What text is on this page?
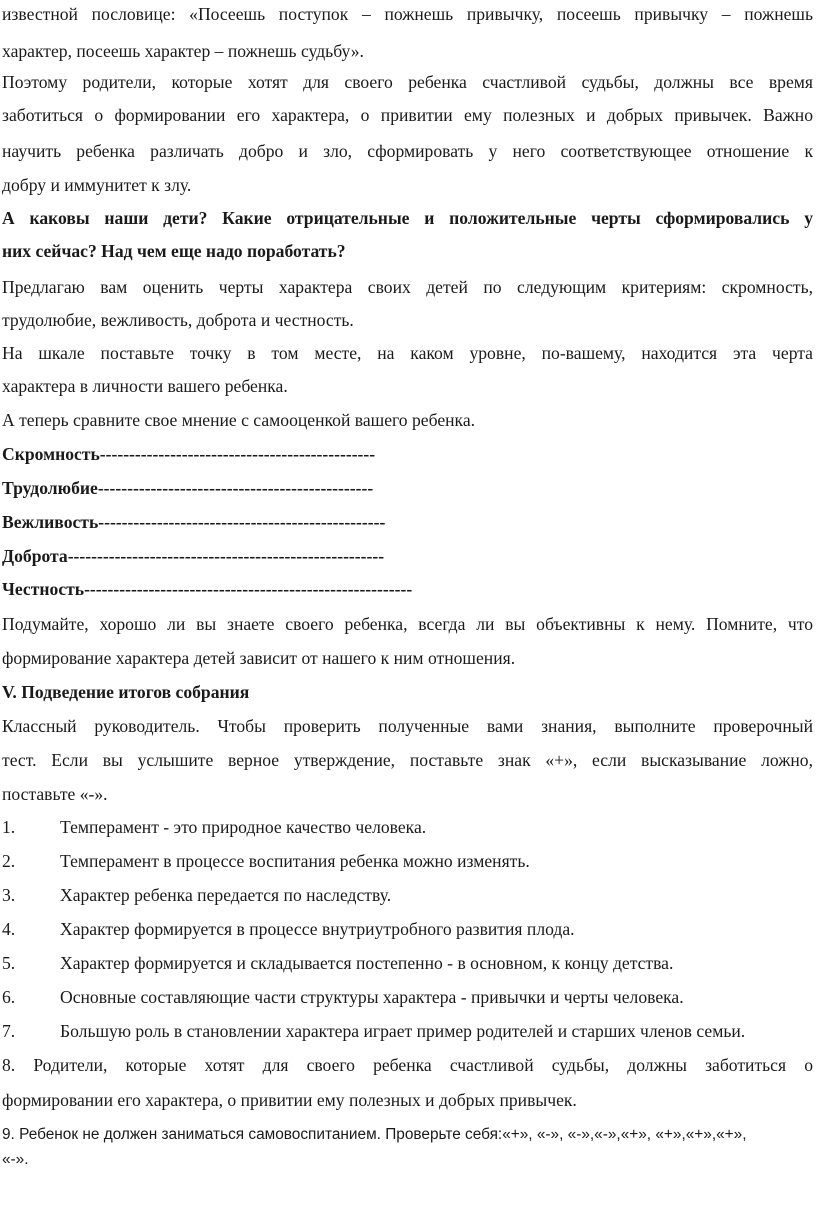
известной пословице: «Посеешь поступок – пожнешь привычку, посеешь привычку – пожнешь
характер, посеешь характер – пожнешь судьбу».
Поэтому родители, которые хотят для своего ребенка счастливой судьбы, должны все время
заботиться о формировании его характера, о привитии ему полезных и добрых привычек. Важно
научить ребенка различать добро и зло, сформировать у него соответствующее отношение к
добру и иммунитет к злу.
А каковы наши дети? Какие отрицательные и положительные черты сформировались у
них сейчас? Над чем еще надо поработать?
Предлагаю вам оценить черты характера своих детей по следующим критериям: скромность,
трудолюбие, вежливость, доброта и честность.
На шкале поставьте точку в том месте, на каком уровне, по-вашему, находится эта черта
характера в личности вашего ребенка.
А теперь сравните свое мнение с самооценкой вашего ребенка.
Скромность-----------------------------------------------
Трудолюбие-----------------------------------------------
Вежливость-------------------------------------------------
Доброта------------------------------------------------------
Честность--------------------------------------------------------
Подумайте, хорошо ли вы знаете своего ребенка, всегда ли вы объективны к нему. Помните, что
формирование характера детей зависит от нашего к ним отношения.
V. Подведение итогов собрания
Классный руководитель. Чтобы проверить полученные вами знания, выполните проверочный
тест. Если вы услышите верное утверждение, поставьте знак «+», если высказывание ложно,
поставьте «-».
1.	Темперамент - это природное качество человека.
2.	Темперамент в процессе воспитания ребенка можно изменять.
3.	Характер ребенка передается по наследству.
4.	Характер формируется в процессе внутриутробного развития плода.
5.	Характер формируется и складывается постепенно - в основном, к концу детства.
6.	Основные составляющие части структуры характера - привычки и черты человека.
7.	Большую роль в становлении характера играет пример родителей и старших членов семьи.
8. Родители, которые хотят для своего ребенка счастливой судьбы, должны заботиться о
формировании его характера, о привитии ему полезных и добрых привычек.
9. Ребенок не должен заниматься самовоспитанием. Проверьте себя:«+», «-», «-»,«-»,«+», «+»,«+»,«+»,
«-».
